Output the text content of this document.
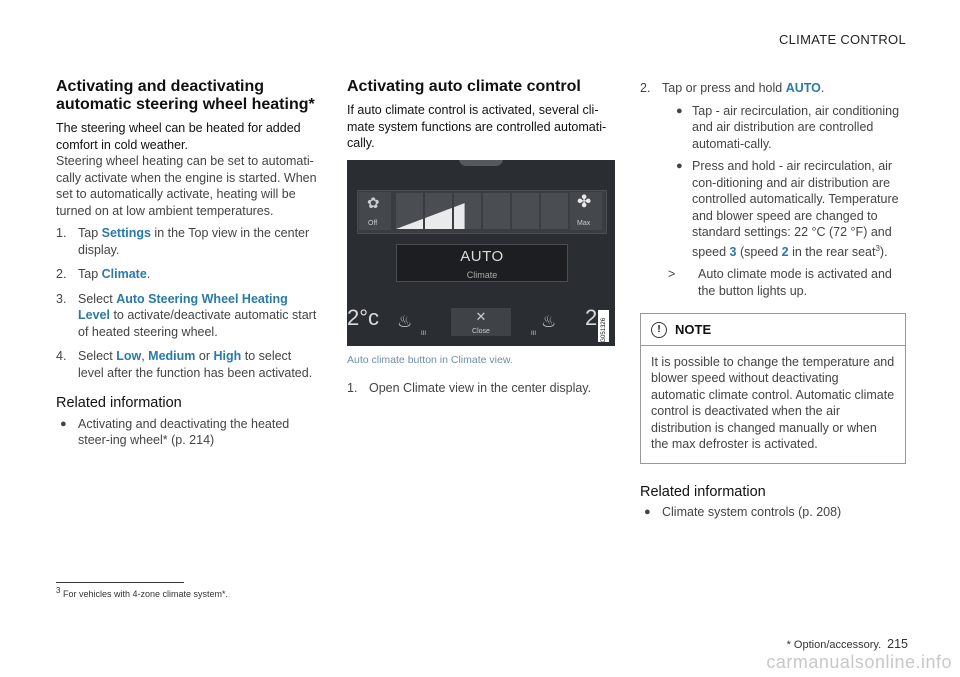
CLIMATE CONTROL
Activating and deactivating automatic steering wheel heating*

The steering wheel can be heated for added comfort in cold weather.

Steering wheel heating can be set to automati-cally activate when the engine is started. When set to automatically activate, heating will be turned on at low ambient temperatures.

1. Tap Settings in the Top view in the center display.
2. Tap Climate.
3. Select Auto Steering Wheel Heating Level to activate/deactivate automatic start of heated steering wheel.
4. Select Low, Medium or High to select level after the function has been activated.
Related information
● Activating and deactivating the heated steer-ing wheel* (p. 214)
Activating auto climate control

If auto climate control is activated, several cli-mate system functions are controlled automati-cally.

✿
Off
✤
Max
AUTO
Climate
2°c ♨
III
✕
Close	III
♨ 2
G051326
Auto climate button in Climate view.
1. Open Climate view in the center display.
2. Tap or press and hold AUTO.
● Tap - air recirculation, air conditioning and air distribution are controlled automati-cally.
● Press and hold - air recirculation, air con-ditioning and air distribution are controlled automatically. Temperature and blower speed are changed to standard settings: 22 °C (72 °F) and speed 3 (speed 2 in the rear seat$^3$).
> Auto climate mode is activated and the button lights up.
!	NOTE
It is possible to change the temperature and blower speed without deactivating automatic climate control. Automatic climate control is deactivated when the air distribution is changed manually or when the max defroster is activated.
Related information
● Climate system controls (p. 208)
$^3$ For vehicles with 4-zone climate system*.
* Option/accessory. 215
carmanualsonline.info
